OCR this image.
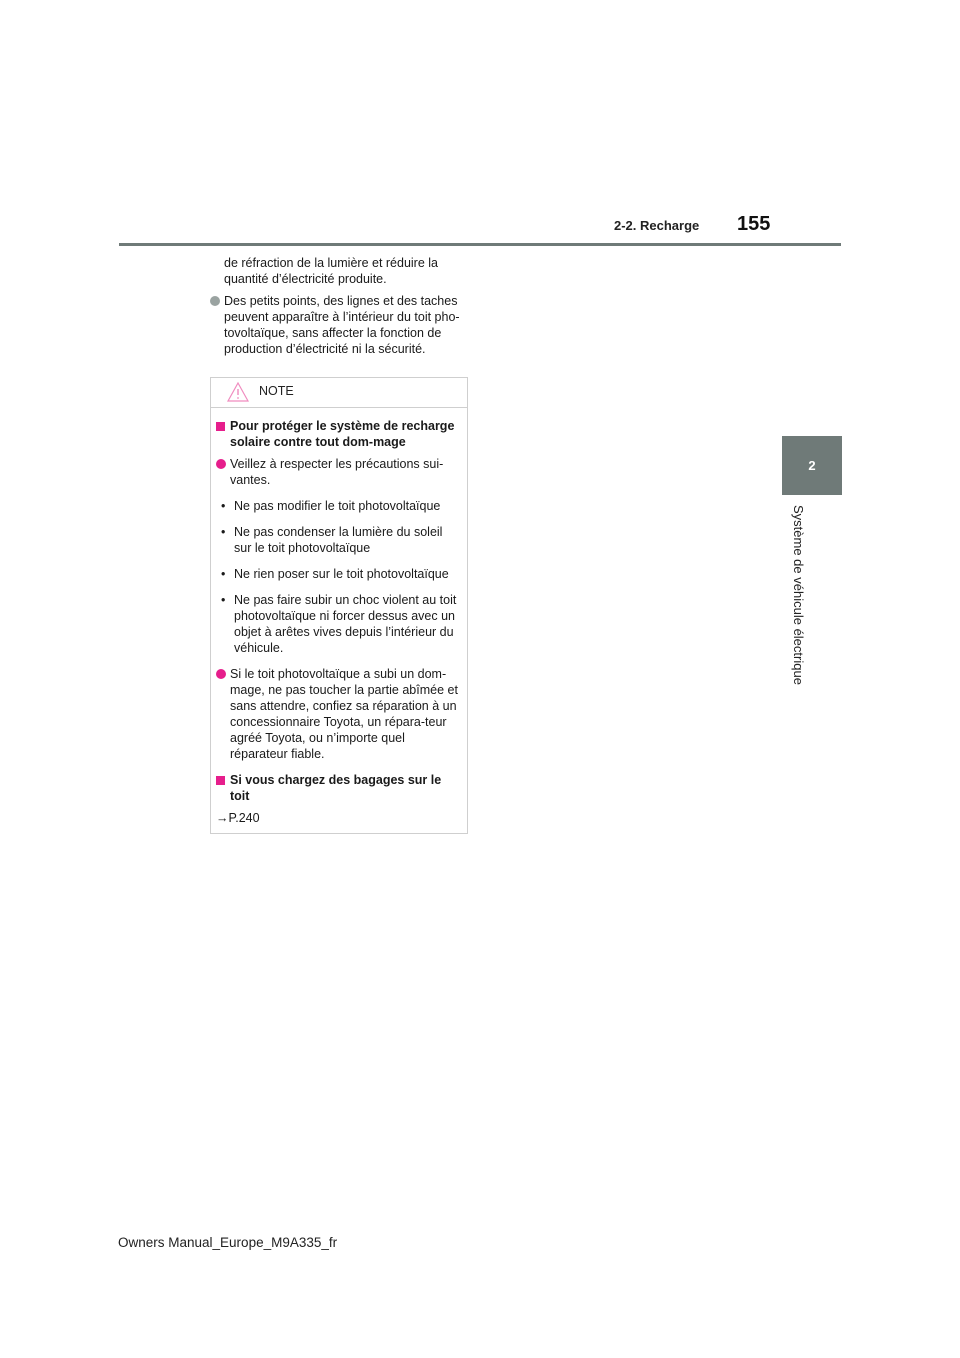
2-2. Recharge 155
2
Système de véhicule électrique

de réfraction de la lumière et réduire la quantité d’électricité produite.

Des petits points, des lignes et des taches peuvent apparaître à l’intérieur du toit pho-tovoltaïque, sans affecter la fonction de production d’électricité ni la sécurité.
NOTE
Pour protéger le système de recharge solaire contre tout dom-mage
Veillez à respecter les précautions sui-vantes.
• Ne pas modifier le toit photovoltaïque
• Ne pas condenser la lumière du soleil sur le toit photovoltaïque
• Ne rien poser sur le toit photovoltaïque
• Ne pas faire subir un choc violent au toit photovoltaïque ni forcer dessus avec un objet à arêtes vives depuis l’intérieur du véhicule.
Si le toit photovoltaïque a subi un dom-mage, ne pas toucher la partie abîmée et sans attendre, confiez sa réparation à un concessionnaire Toyota, un répara-teur agréé Toyota, ou n’importe quel réparateur fiable.
Si vous chargez des bagages sur le toit
→P.240
Owners Manual_Europe_M9A335_fr
